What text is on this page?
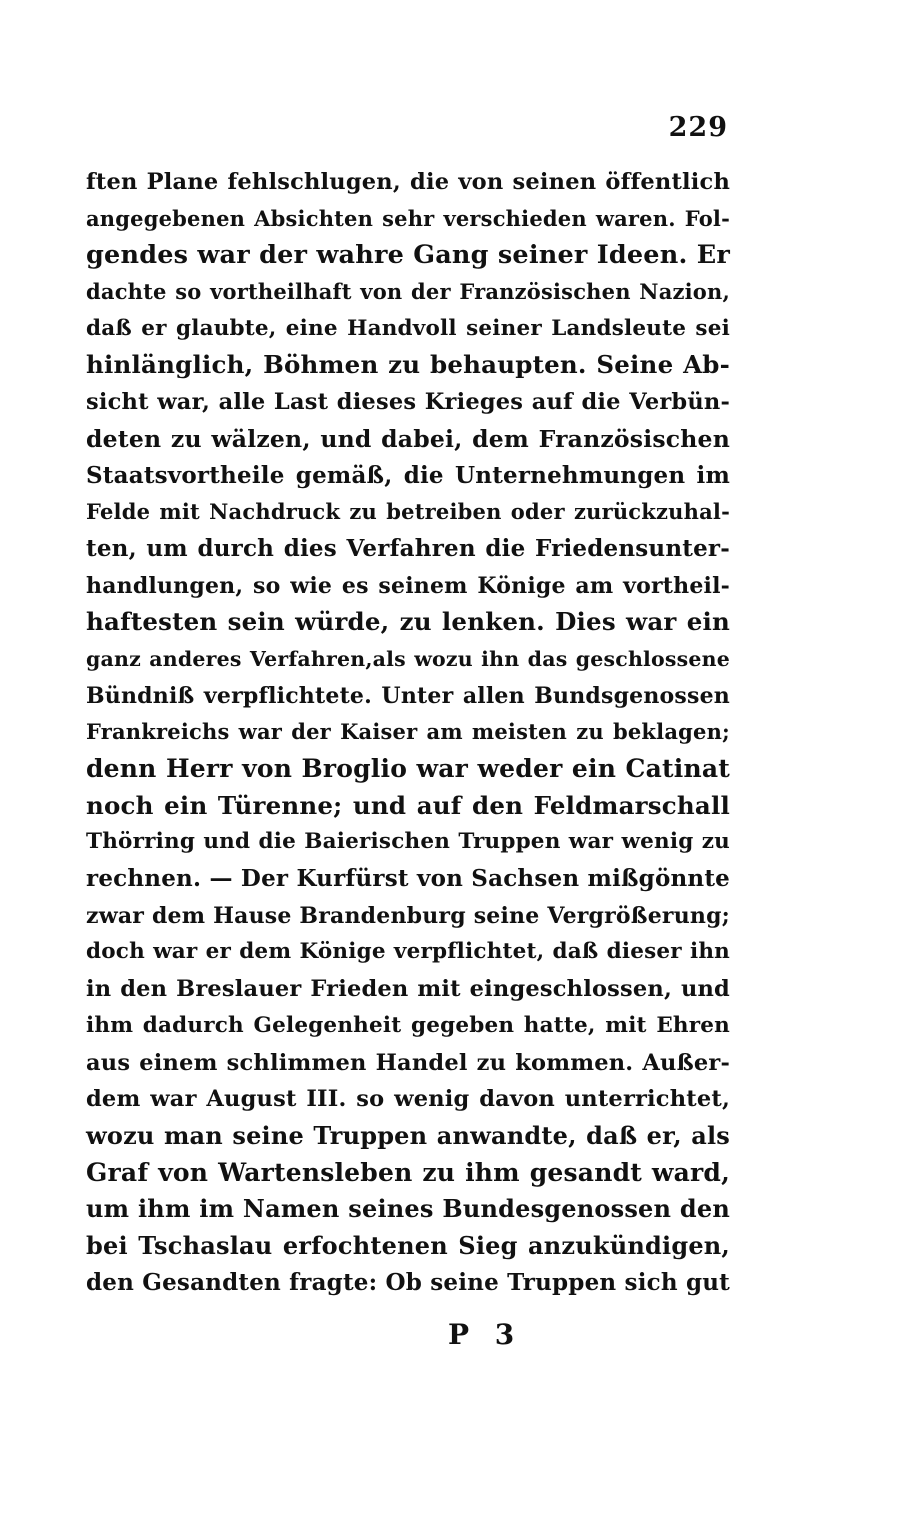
229
ften Plane fehlschlugen, die von seinen öffentlich
angegebenen Absichten sehr verschieden waren. Fol-
gendes war der wahre Gang seiner Ideen. Er
dachte so vortheilhaft von der Französischen Nazion,
daß er glaubte, eine Handvoll seiner Landsleute sei
hinlänglich, Böhmen zu behaupten. Seine Ab-
sicht war, alle Last dieses Krieges auf die Verbün-
deten zu wälzen, und dabei, dem Französischen
Staatsvortheile gemäß, die Unternehmungen im
Felde mit Nachdruck zu betreiben oder zurückzuhal-
ten, um durch dies Verfahren die Friedensunter-
handlungen, so wie es seinem Könige am vortheil-
haftesten sein würde, zu lenken. Dies war ein
ganz anderes Verfahren,als wozu ihn das geschlossene
Bündniß verpflichtete. Unter allen Bundsgenossen
Frankreichs war der Kaiser am meisten zu beklagen;
denn Herr von Broglio war weder ein Catinat
noch ein Türenne; und auf den Feldmarschall
Thörring und die Baierischen Truppen war wenig zu
rechnen. — Der Kurfürst von Sachsen mißgönnte
zwar dem Hause Brandenburg seine Vergrößerung;
doch war er dem Könige verpflichtet, daß dieser ihn
in den Breslauer Frieden mit eingeschlossen, und
ihm dadurch Gelegenheit gegeben hatte, mit Ehren
aus einem schlimmen Handel zu kommen. Außer-
dem war August III. so wenig davon unterrichtet,
wozu man seine Truppen anwandte, daß er, als
Graf von Wartensleben zu ihm gesandt ward,
um ihm im Namen seines Bundesgenossen den
bei Tschaslau erfochtenen Sieg anzukündigen,
den Gesandten fragte: Ob seine Truppen sich gut
P 3
